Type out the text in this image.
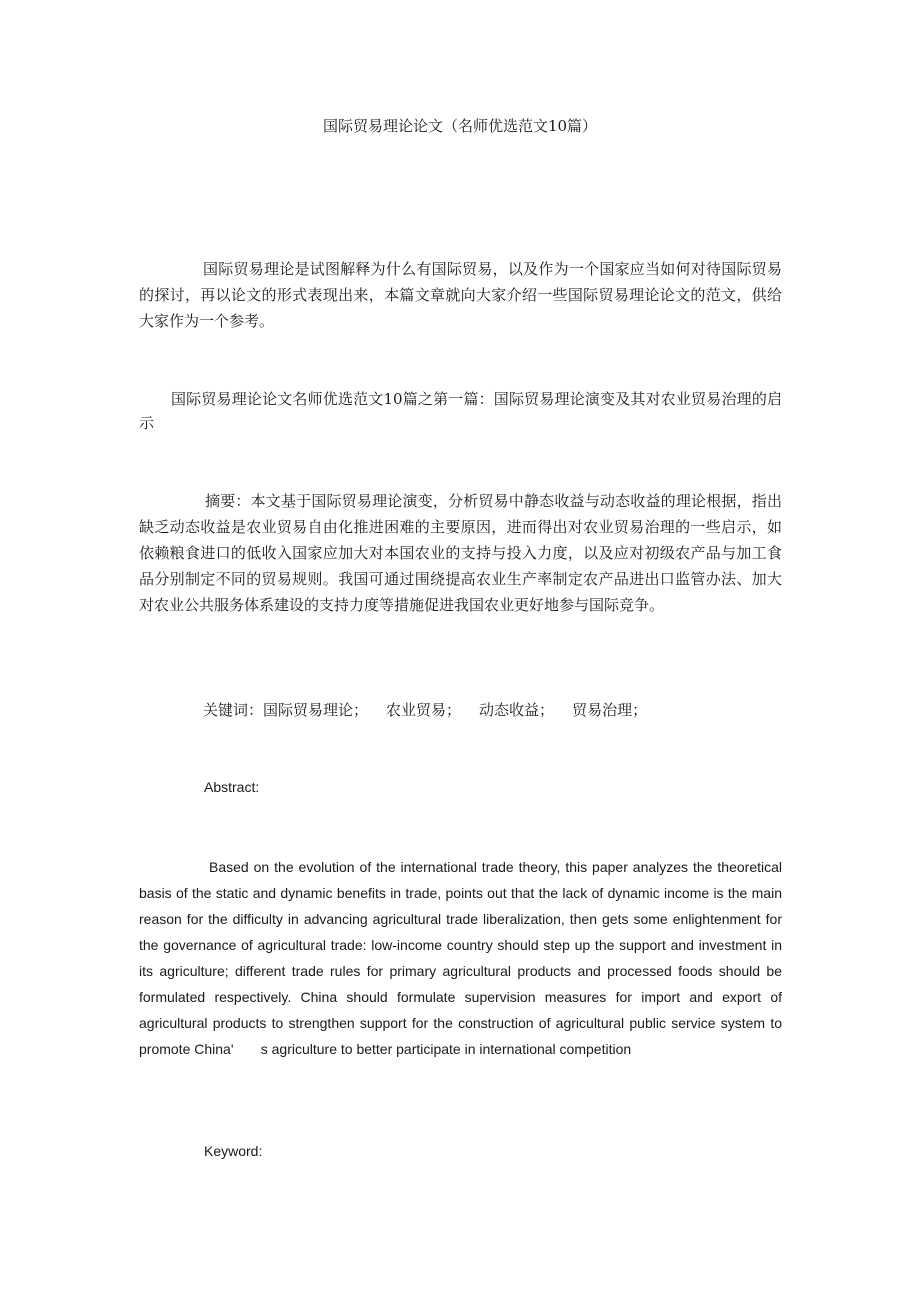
国际贸易理论论文（名师优选范文10篇）

国际贸易理论是试图解释为什么有国际贸易，以及作为一个国家应当如何对待国际贸易的探讨，再以论文的形式表现出来，本篇文章就向大家介绍一些国际贸易理论论文的范文，供给大家作为一个参考。

国际贸易理论论文名师优选范文10篇之第一篇：国际贸易理论演变及其对农业贸易治理的启示

摘要：本文基于国际贸易理论演变，分析贸易中静态收益与动态收益的理论根据，指出缺乏动态收益是农业贸易自由化推进困难的主要原因，进而得出对农业贸易治理的一些启示，如依赖粮食进口的低收入国家应加大对本国农业的支持与投入力度，以及应对初级农产品与加工食品分别制定不同的贸易规则。我国可通过围绕提高农业生产率制定农产品进出口监管办法、加大对农业公共服务体系建设的支持力度等措施促进我国农业更好地参与国际竞争。

关键词：国际贸易理论； 农业贸易； 动态收益； 贸易治理；

Abstract:

Based on the evolution of the international trade theory, this paper analyzes the theoretical basis of the static and dynamic benefits in trade, points out that the lack of dynamic income is the main reason for the difficulty in advancing agricultural trade liberalization, then gets some enlightenment for the governance of agricultural trade: low-income country should step up the support and investment in its agriculture; different trade rules for primary agricultural products and processed foods should be formulated respectively. China should formulate supervision measures for import and export of agricultural products to strengthen support for the construction of agricultural public service system to promote China'       s agriculture to better participate in international competition

Keyword:
